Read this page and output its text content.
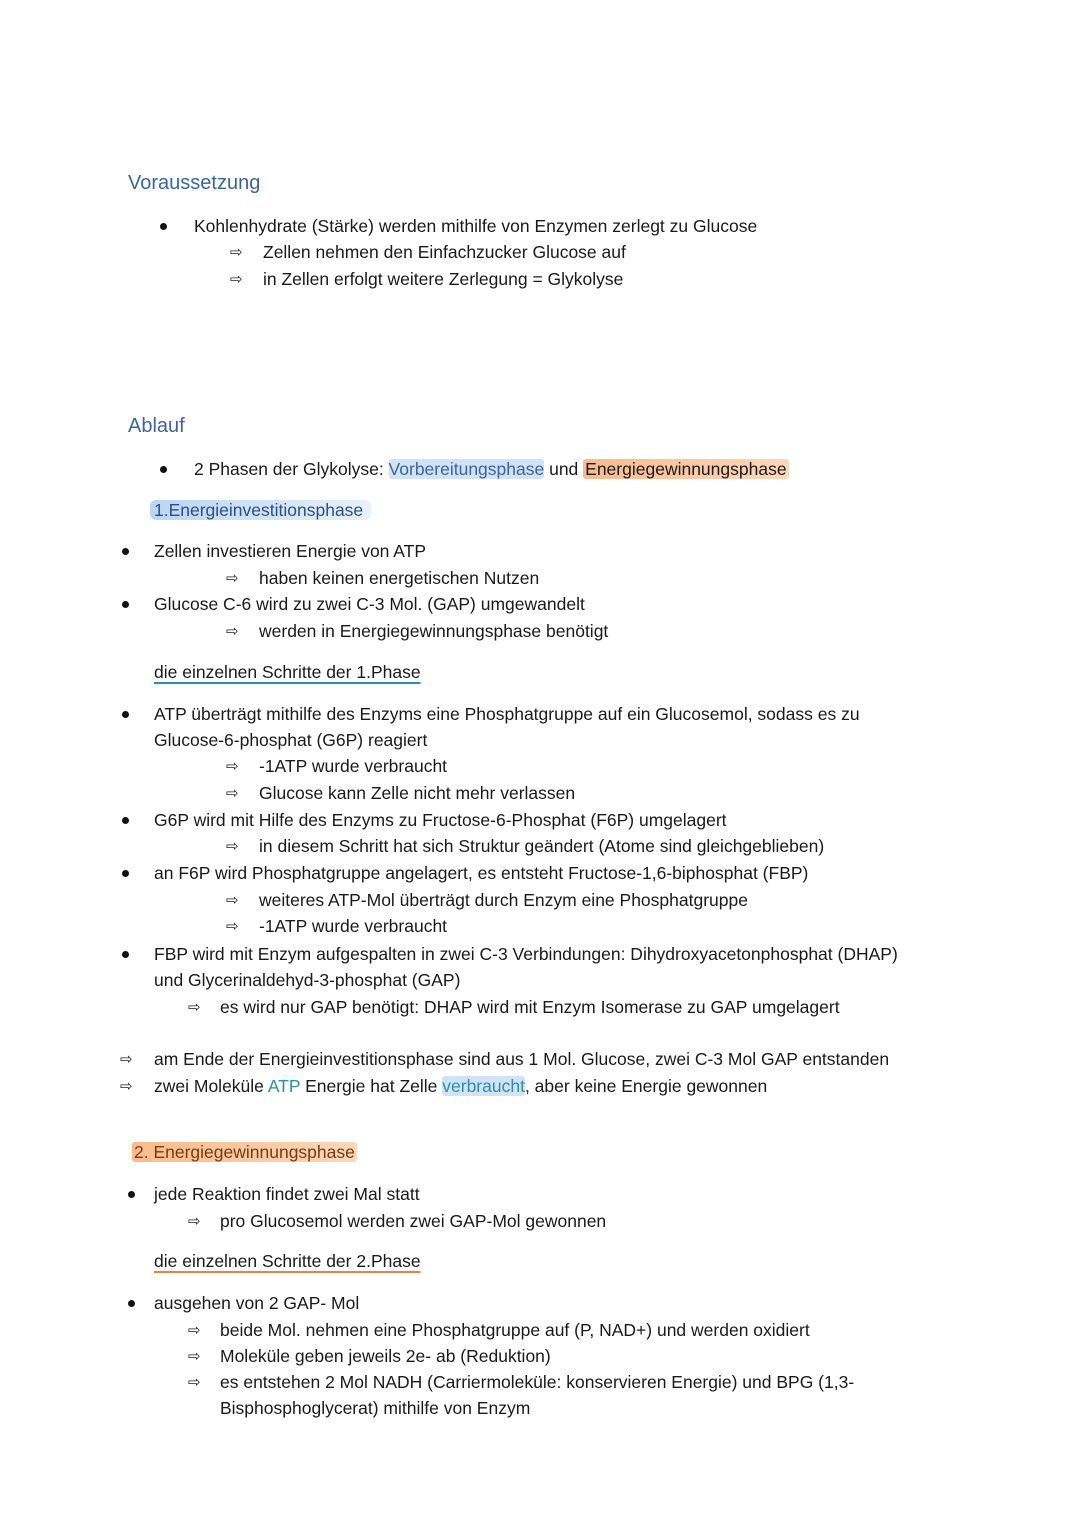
Voraussetzung
Kohlenhydrate (Stärke) werden mithilfe von Enzymen zerlegt zu Glucose
⇨ Zellen nehmen den Einfachzucker Glucose auf
⇨ in Zellen erfolgt weitere Zerlegung = Glykolyse
Ablauf
2 Phasen der Glykolyse: Vorbereitungsphase und Energiegewinnungsphase
1.Energieinvestitionsphase
Zellen investieren Energie von ATP
⇨ haben keinen energetischen Nutzen
Glucose C-6 wird zu zwei C-3 Mol. (GAP) umgewandelt
⇨ werden in Energiegewinnungsphase benötigt
die einzelnen Schritte der 1.Phase
ATP überträgt mithilfe des Enzyms eine Phosphatgruppe auf ein Glucosemol, sodass es zu
Glucose-6-phosphat (G6P) reagiert
⇨ -1ATP wurde verbraucht
⇨ Glucose kann Zelle nicht mehr verlassen
G6P wird mit Hilfe des Enzyms zu Fructose-6-Phosphat (F6P) umgelagert
⇨ in diesem Schritt hat sich Struktur geändert (Atome sind gleichgeblieben)
an F6P wird Phosphatgruppe angelagert, es entsteht Fructose-1,6-biphosphat (FBP)
⇨ weiteres ATP-Mol überträgt durch Enzym eine Phosphatgruppe
⇨ -1ATP wurde verbraucht
FBP wird mit Enzym aufgespalten in zwei C-3 Verbindungen: Dihydroxyacetonphosphat (DHAP)
und Glycerinaldehyd-3-phosphat (GAP)
⇨ es wird nur GAP benötigt: DHAP wird mit Enzym Isomerase zu GAP umgelagert
⇨ am Ende der Energieinvestitionsphase sind aus 1 Mol. Glucose, zwei C-3 Mol GAP entstanden
⇨ zwei Moleküle ATP Energie hat Zelle verbraucht, aber keine Energie gewonnen
2. Energiegewinnungsphase
jede Reaktion findet zwei Mal statt
⇨ pro Glucosemol werden zwei GAP-Mol gewonnen
die einzelnen Schritte der 2.Phase
ausgehen von 2 GAP- Mol
⇨ beide Mol. nehmen eine Phosphatgruppe auf (P, NAD+) und werden oxidiert
⇨ Moleküle geben jeweils 2e- ab (Reduktion)
⇨ es entstehen 2 Mol NADH (Carriermoleküle: konservieren Energie) und BPG (1,3-
Bisphosphoglycerat) mithilfe von Enzym
